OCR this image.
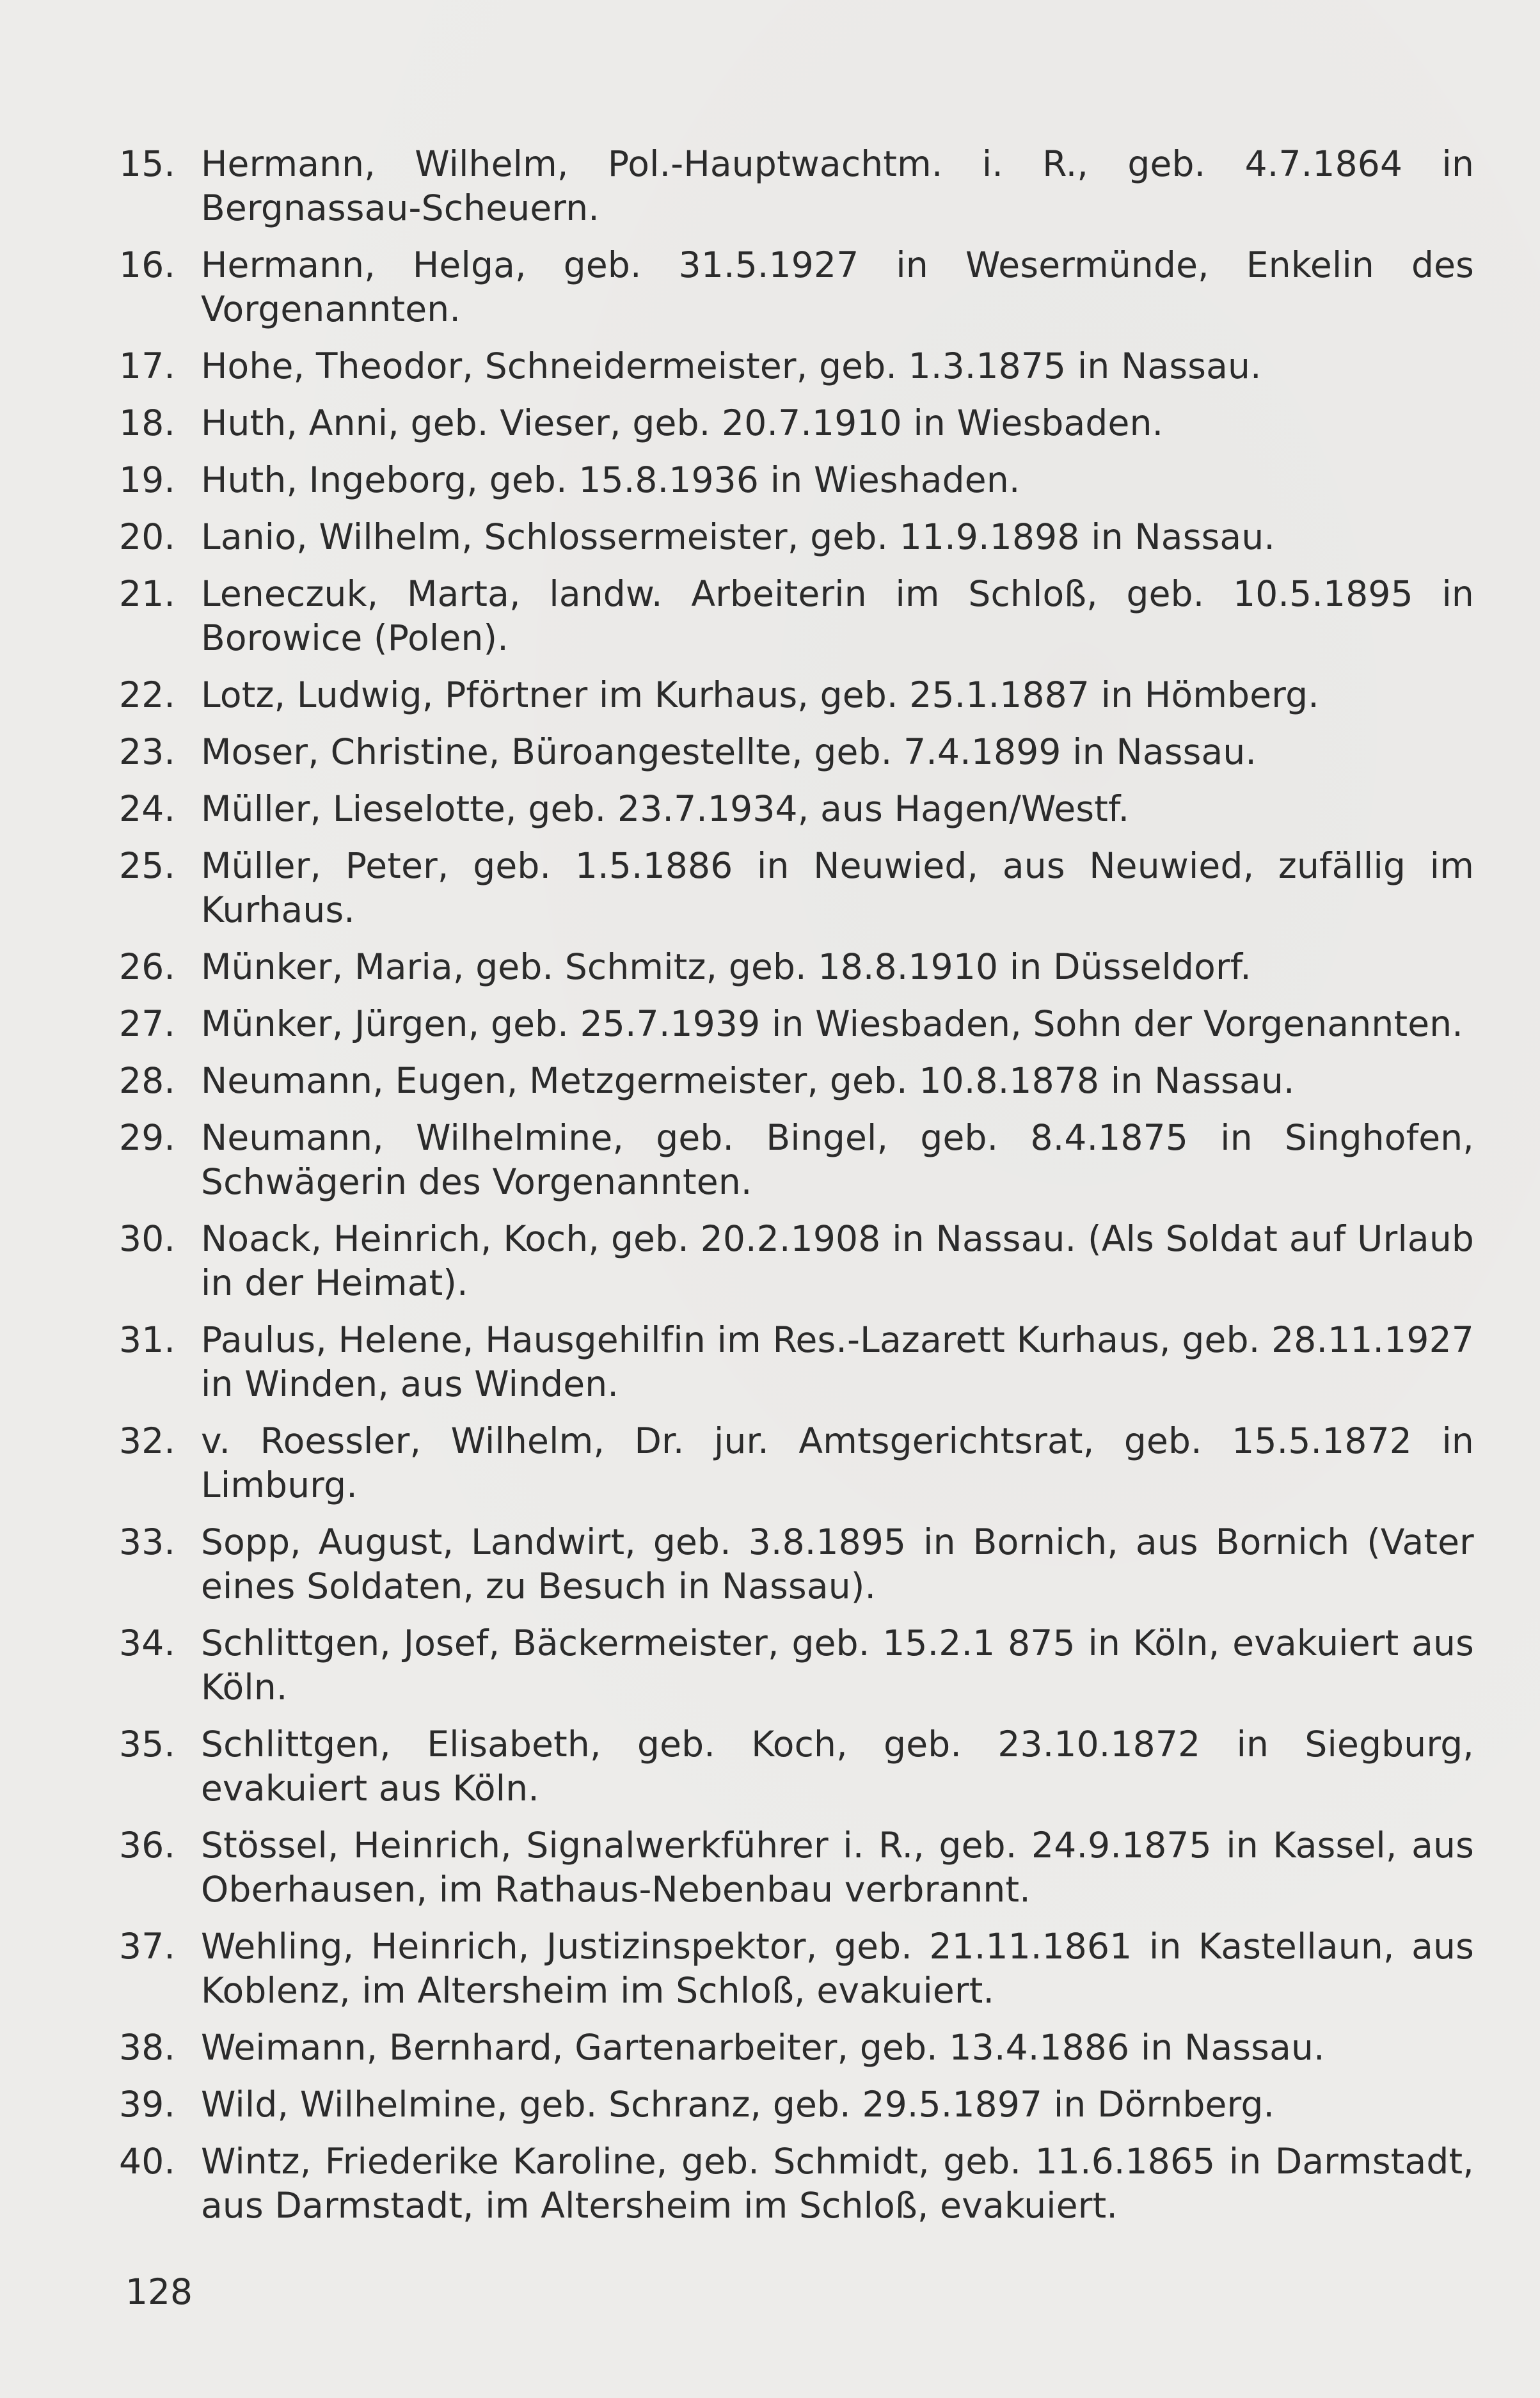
15. Hermann, Wilhelm, Pol.-Hauptwachtm. i. R., geb. 4.7.1864 in Bergnassau-Scheuern.
16. Hermann, Helga, geb. 31.5.1927 in Wesermünde, Enkelin des Vorgenannten.
17. Hohe, Theodor, Schneidermeister, geb. 1.3.1875 in Nassau.
18. Huth, Anni, geb. Vieser, geb. 20.7.1910 in Wiesbaden.
19. Huth, Ingeborg, geb. 15.8.1936 in Wieshaden.
20. Lanio, Wilhelm, Schlossermeister, geb. 11.9.1898 in Nassau.
21. Leneczuk, Marta, landw. Arbeiterin im Schloß, geb. 10.5.1895 in Borowice (Polen).
22. Lotz, Ludwig, Pförtner im Kurhaus, geb. 25.1.1887 in Hömberg.
23. Moser, Christine, Büroangestellte, geb. 7.4.1899 in Nassau.
24. Müller, Lieselotte, geb. 23.7.1934, aus Hagen/Westf.
25. Müller, Peter, geb. 1.5.1886 in Neuwied, aus Neuwied, zufällig im Kurhaus.
26. Münker, Maria, geb. Schmitz, geb. 18.8.1910 in Düsseldorf.
27. Münker, Jürgen, geb. 25.7.1939 in Wiesbaden, Sohn der Vorgenannten.
28. Neumann, Eugen, Metzgermeister, geb. 10.8.1878 in Nassau.
29. Neumann, Wilhelmine, geb. Bingel, geb. 8.4.1875 in Singhofen, Schwägerin des Vorgenannten.
30. Noack, Heinrich, Koch, geb. 20.2.1908 in Nassau. (Als Soldat auf Urlaub in der Heimat).
31. Paulus, Helene, Hausgehilfin im Res.-Lazarett Kurhaus, geb. 28.11.1927 in Winden, aus Winden.
32. v. Roessler, Wilhelm, Dr. jur. Amtsgerichtsrat, geb. 15.5.1872 in Limburg.
33. Sopp, August, Landwirt, geb. 3.8.1895 in Bornich, aus Bornich (Vater eines Soldaten, zu Besuch in Nassau).
34. Schlittgen, Josef, Bäckermeister, geb. 15.2.1 875 in Köln, evakuiert aus Köln.
35. Schlittgen, Elisabeth, geb. Koch, geb. 23.10.1872 in Siegburg, evakuiert aus Köln.
36. Stössel, Heinrich, Signalwerkführer i. R., geb. 24.9.1875 in Kassel, aus Oberhausen, im Rathaus-Nebenbau verbrannt.
37. Wehling, Heinrich, Justizinspektor, geb. 21.11.1861 in Kastellaun, aus Koblenz, im Altersheim im Schloß, evakuiert.
38. Weimann, Bernhard, Gartenarbeiter, geb. 13.4.1886 in Nassau.
39. Wild, Wilhelmine, geb. Schranz, geb. 29.5.1897 in Dörnberg.
40. Wintz, Friederike Karoline, geb. Schmidt, geb. 11.6.1865 in Darmstadt, aus Darmstadt, im Altersheim im Schloß, evakuiert.
128
